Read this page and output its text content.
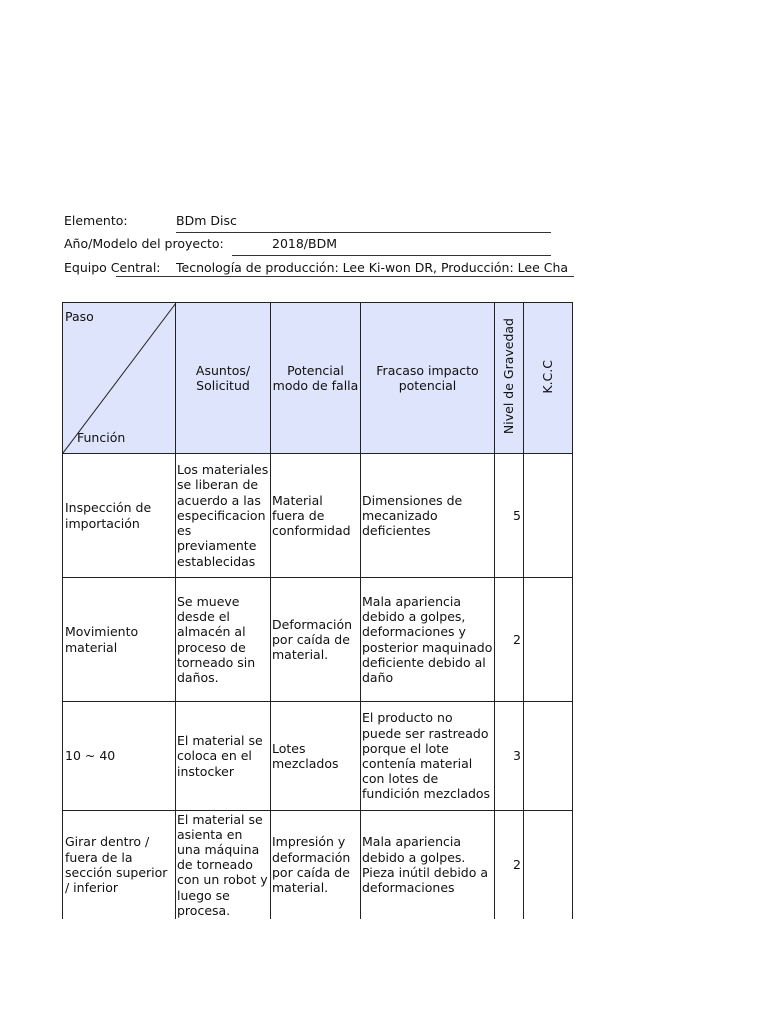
Elemento:	BDm Disc
Año/Modelo del proyecto:	2018/BDM
Equipo Central: Tecnología de producción: Lee Ki-won DR, Producción: Lee Cha
Paso
Función	Asuntos/ Solicitud	Potencial modo de falla	Fracaso impacto potencial	Nivel de Gravedad	K.C.C
Inspección de importación	Los materiales se liberan de acuerdo a las especificacion es previamente establecidas	Material fuera de conformidad	Dimensiones de mecanizado deficientes	5	
Movimiento material	Se mueve desde el almacén al proceso de torneado sin daños.	Deformación por caída de material.	Mala apariencia debido a golpes, deformaciones y posterior maquinado deficiente debido al daño	2	
10 ~ 40	El material se coloca en el instocker	Lotes mezclados	El producto no puede ser rastreado porque el lote contenía material con lotes de fundición mezclados	3	
Girar dentro / fuera de la sección superior / inferior	El material se asienta en una máquina de torneado con un robot y luego se procesa.	Impresión y deformación por caída de material.	Mala apariencia debido a golpes. Pieza inútil debido a deformaciones	2	
